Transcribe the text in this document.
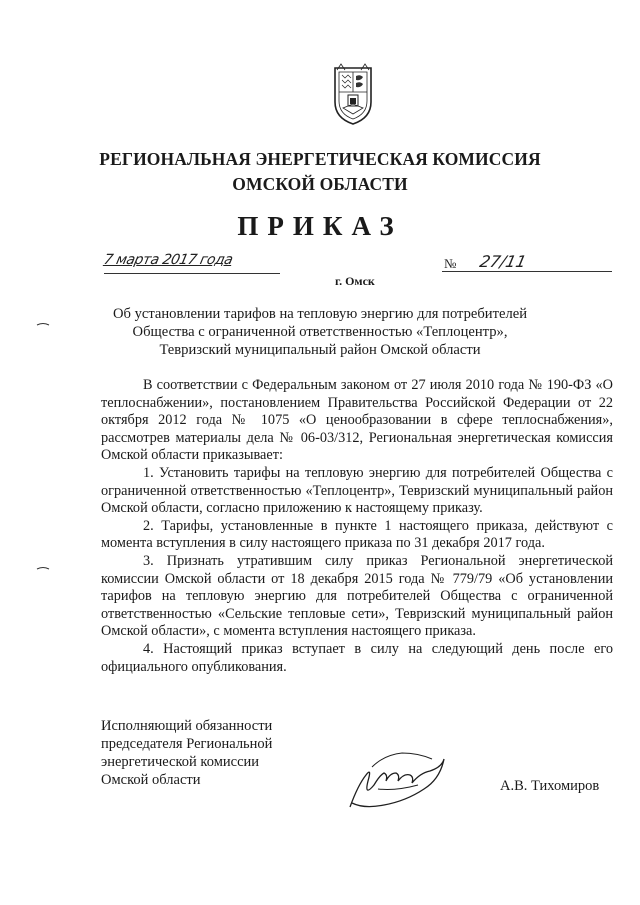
РЕГИОНАЛЬНАЯ ЭНЕРГЕТИЧЕСКАЯ КОМИССИЯ
ОМСКОЙ ОБЛАСТИ
ПРИКАЗ
7 марта 2017 года
г. Омск
№ 27/11
Об установлении тарифов на тепловую энергию для потребителей
Общества с ограниченной ответственностью «Теплоцентр»,
Тевризский муниципальный район Омской области

В соответствии с Федеральным законом от 27 июля 2010 года № 190-ФЗ «О теплоснабжении», постановлением Правительства Российской Федерации от 22 октября 2012 года № 1075 «О ценообразовании в сфере теплоснабжения», рассмотрев материалы дела № 06-03/312, Региональная энергетическая комиссия Омской области приказывает:

1. Установить тарифы на тепловую энергию для потребителей Общества с ограниченной ответственностью «Теплоцентр», Тевризский муниципальный район Омской области, согласно приложению к настоящему приказу.

2. Тарифы, установленные в пункте 1 настоящего приказа, действуют с момента вступления в силу настоящего приказа по 31 декабря 2017 года.

3. Признать утратившим силу приказ Региональной энергетической комиссии Омской области от 18 декабря 2015 года № 779/79 «Об установлении тарифов на тепловую энергию для потребителей Общества с ограниченной ответственностью «Сельские тепловые сети», Тевризский муниципальный район Омской области», с момента вступления настоящего приказа.

4. Настоящий приказ вступает в силу на следующий день после его официального опубликования.

Исполняющий обязанности
председателя Региональной
энергетической комиссии
Омской области	А.В. Тихомиров
